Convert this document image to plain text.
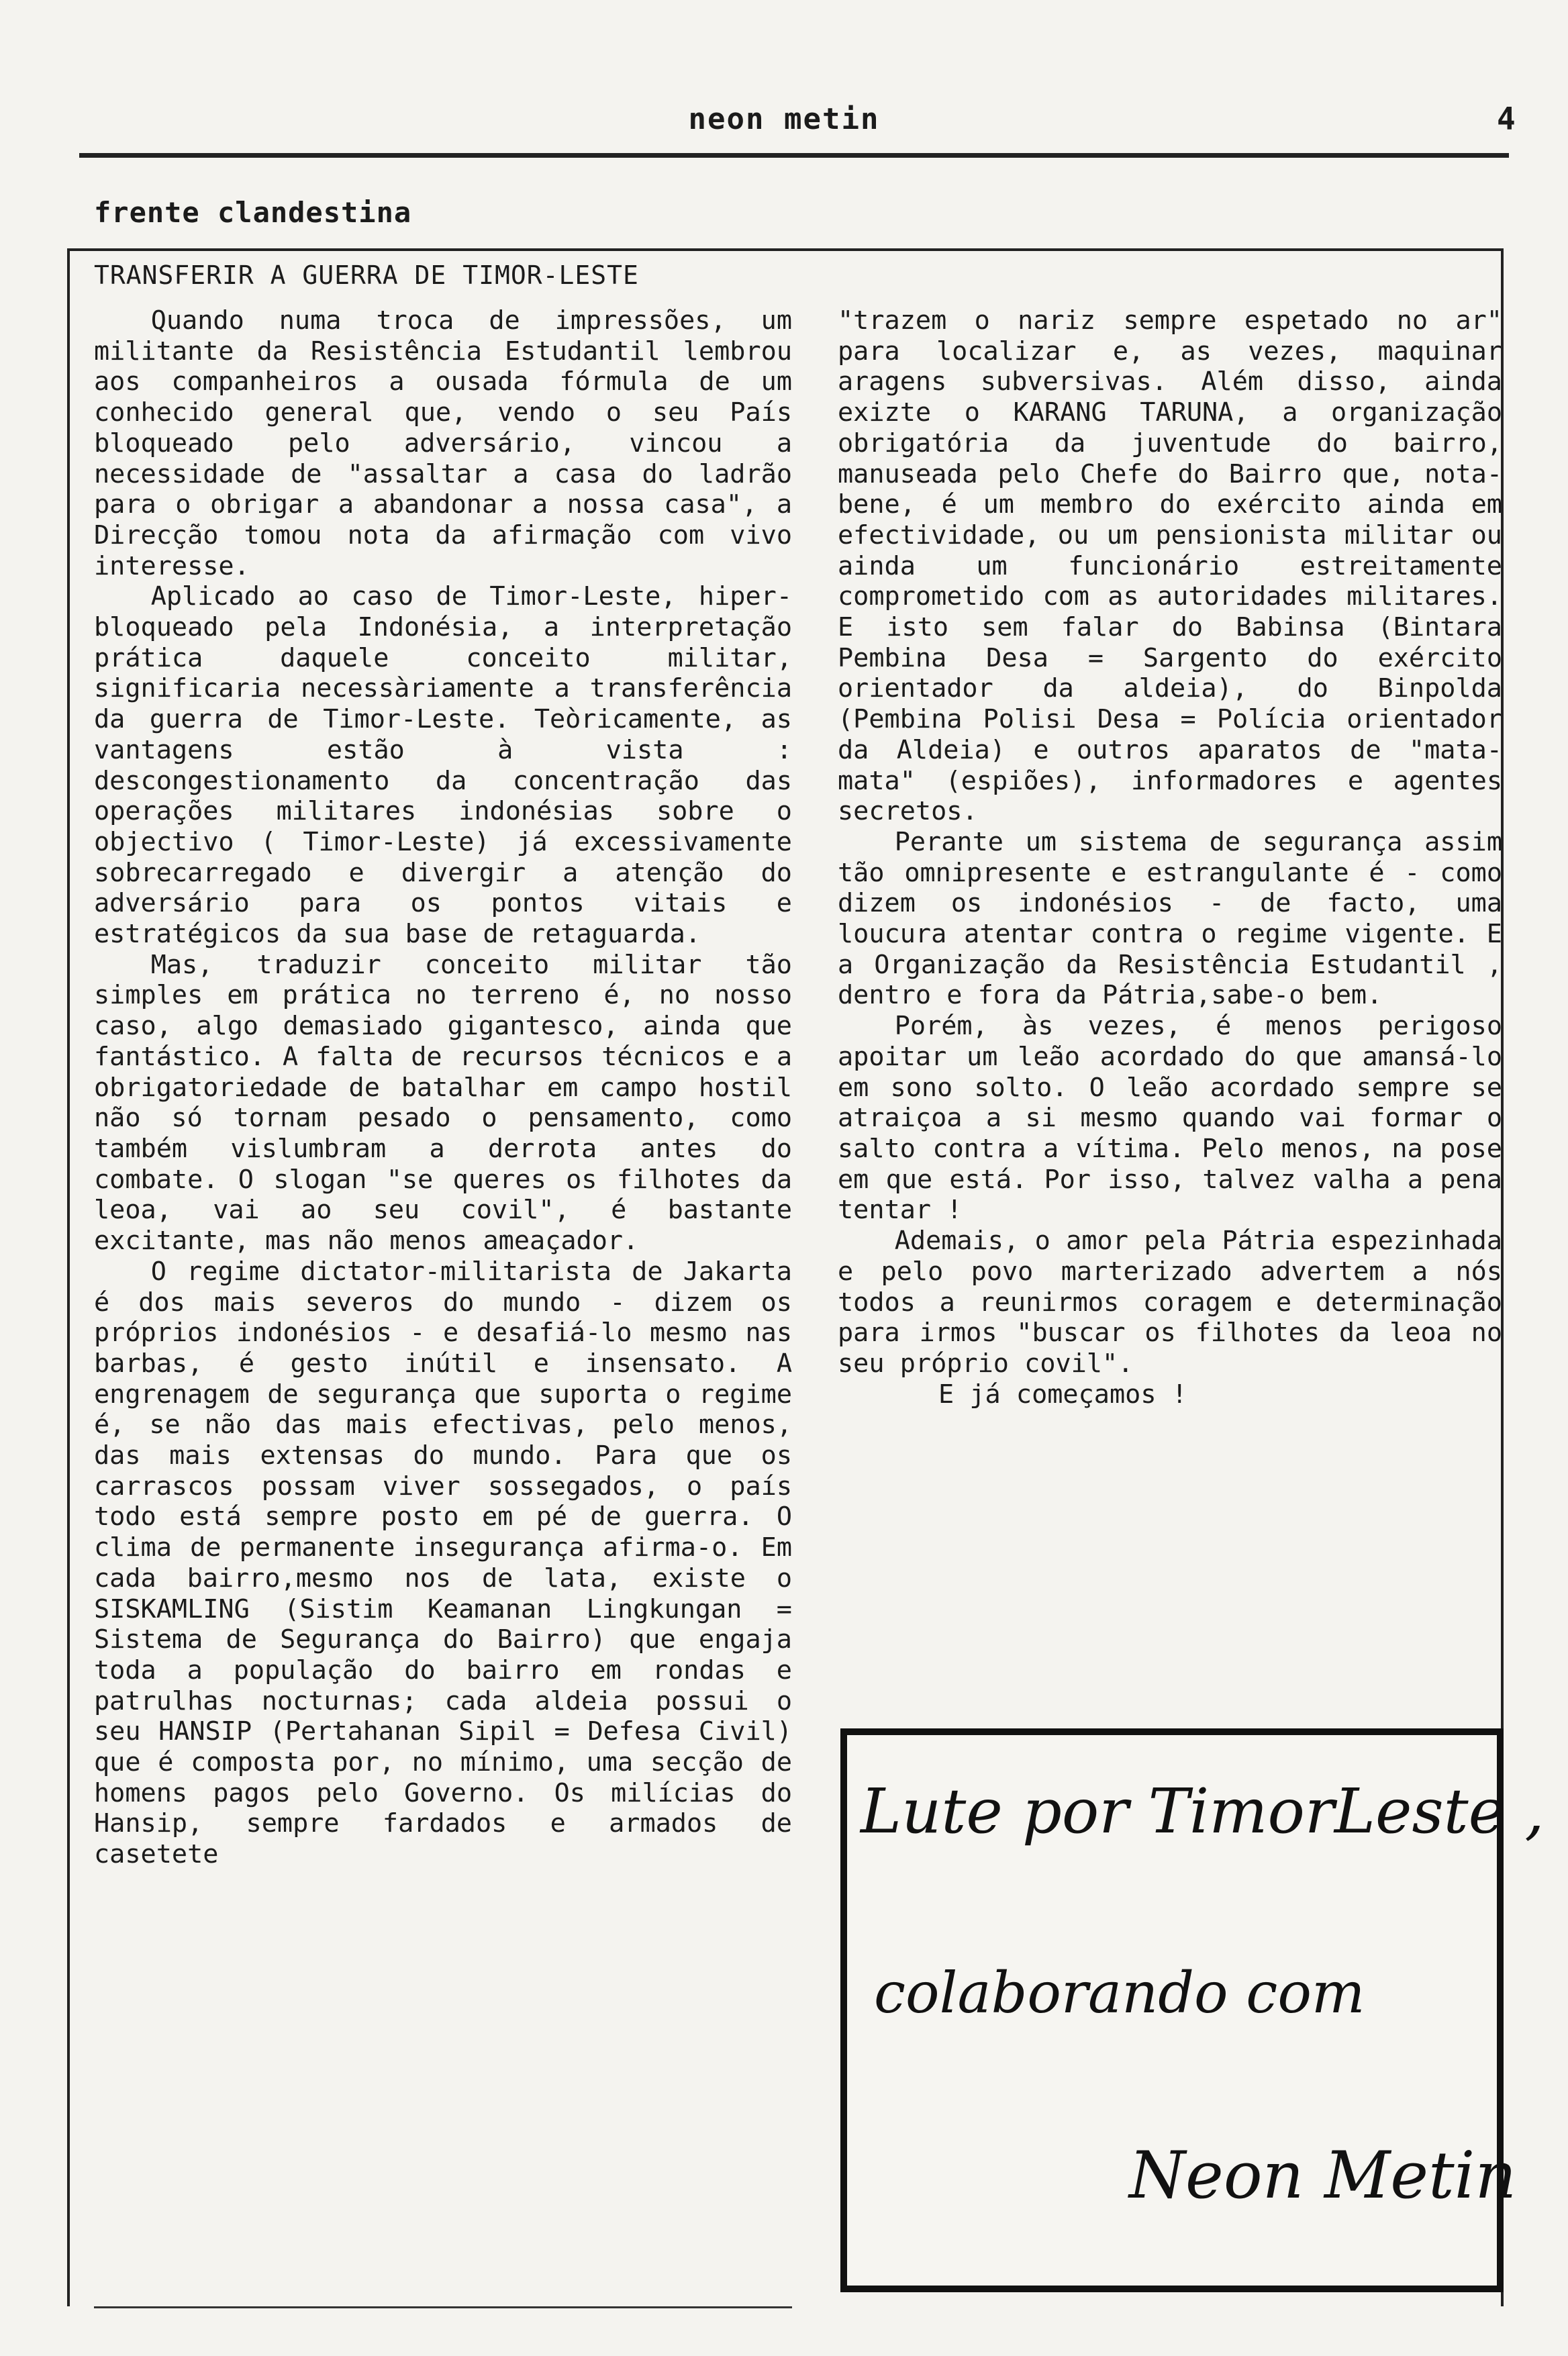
neon metin	4
frente clandestina
TRANSFERIR A GUERRA DE TIMOR-LESTE

Quando numa troca de impressões, um militante da Resistência Estudantil lembrou aos companheiros a ousada fórmula de um conhecido general que, vendo o seu País bloqueado pelo adversário, vincou a necessidade de "assaltar a casa do ladrão para o obrigar a abandonar a nossa casa", a Direcção tomou nota da afirmação com vivo interesse.

Aplicado ao caso de Timor-Leste, hiper-bloqueado pela Indonésia, a interpretação prática daquele conceito militar, significaria necessàriamente a transferência da guerra de Timor-Leste. Teòricamente, as vantagens estão à vista : descongestionamento da concentração das operações militares indonésias sobre o objectivo ( Timor-Leste) já excessivamente sobrecarregado e divergir a atenção do adversário para os pontos vitais e estratégicos da sua base de retaguarda.

Mas, traduzir conceito militar tão simples em prática no terreno é, no nosso caso, algo demasiado gigantesco, ainda que fantástico. A falta de recursos técnicos e a obrigatoriedade de batalhar em campo hostil não só tornam pesado o pensamento, como também vislumbram a derrota antes do combate. O slogan "se queres os filhotes da leoa, vai ao seu covil", é bastante excitante, mas não menos ameaçador.

O regime dictator-militarista de Jakarta é dos mais severos do mundo - dizem os próprios indonésios - e desafiá-lo mesmo nas barbas, é gesto inútil e insensato. A engrenagem de segurança que suporta o regime é, se não das mais efectivas, pelo menos, das mais extensas do mundo. Para que os carrascos possam viver sossegados, o país todo está sempre posto em pé de guerra. O clima de permanente insegurança afirma-o. Em cada bairro,mesmo nos de lata, existe o SISKAMLING (Sistim Keamanan Lingkungan = Sistema de Segurança do Bairro) que engaja toda a população do bairro em rondas e patrulhas nocturnas; cada aldeia possui o seu HANSIP (Pertahanan Sipil = Defesa Civil) que é composta por, no mínimo, uma secção de homens pagos pelo Governo. Os milícias do Hansip, sempre fardados e armados de casetete

"trazem o nariz sempre espetado no ar" para localizar e, as vezes, maquinar aragens subversivas. Além disso, ainda exizte o KARANG TARUNA, a organização obrigatória da juventude do bairro, manuseada pelo Chefe do Bairro que, nota-bene, é um membro do exército ainda em efectividade, ou um pensionista militar ou ainda um funcionário estreitamente comprometido com as autoridades militares. E isto sem falar do Babinsa (Bintara Pembina Desa = Sargento do exército orientador da aldeia), do Binpolda (Pembina Polisi Desa = Polícia orientador da Aldeia) e outros aparatos de "mata-mata" (espiões), informadores e agentes secretos.

Perante um sistema de segurança assim tão omnipresente e estrangulante é - como dizem os indonésios - de facto, uma loucura atentar contra o regime vigente. E a Organização da Resistência Estudantil , dentro e fora da Pátria,sabe-o bem.

Porém, às vezes, é menos perigoso apoitar um leão acordado do que amansá-lo em sono solto. O leão acordado sempre se atraiçoa a si mesmo quando vai formar o salto contra a vítima. Pelo menos, na pose em que está. Por isso, talvez valha a pena tentar !

Ademais, o amor pela Pátria espezinhada e pelo povo marterizado advertem a nós todos a reunirmos coragem e determinação para irmos "buscar os filhotes da leoa no seu próprio covil".

E já começamos !

Lute por TimorLeste ,
colaborando com
Neon Metin
